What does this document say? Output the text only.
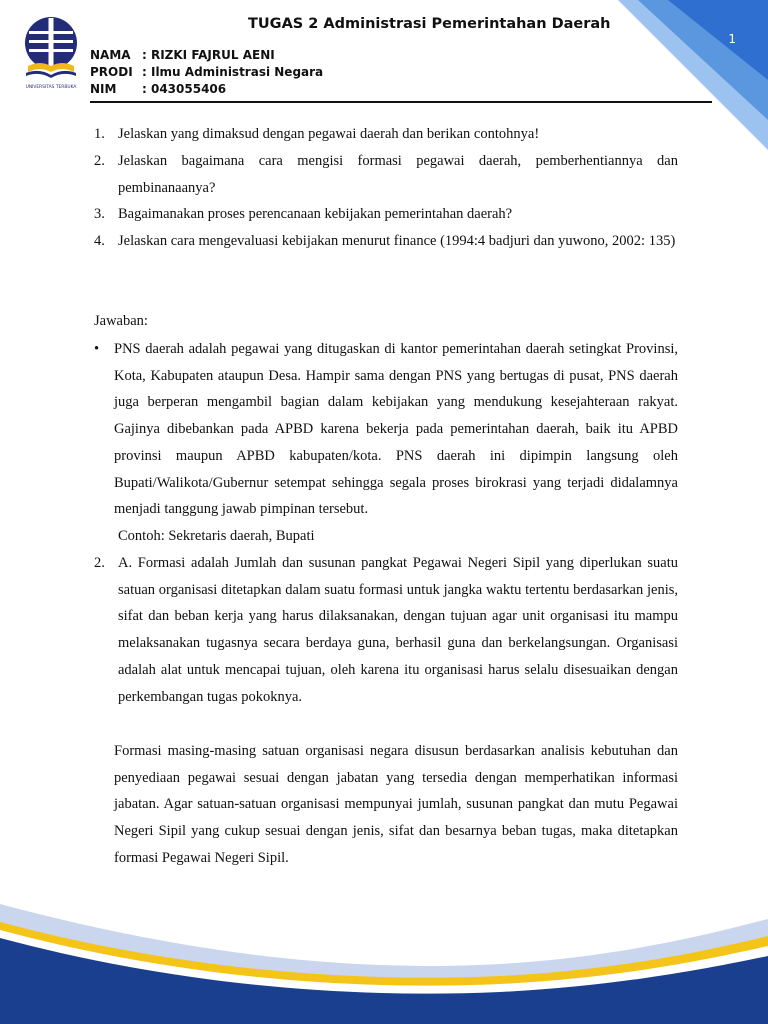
1
UNIVERSITAS TERBUKA
TUGAS 2 Administrasi Pemerintahan Daerah
NAMA : RIZKI FAJRUL AENI
PRODI : Ilmu Administrasi Negara
NIM : 043055406
1. Jelaskan yang dimaksud dengan pegawai daerah dan berikan contohnya!
2. Jelaskan bagaimana cara mengisi formasi pegawai daerah, pemberhentiannya dan pembinanaanya?
3. Bagaimanakan proses perencanaan kebijakan pemerintahan daerah?
4. Jelaskan cara mengevaluasi kebijakan menurut finance (1994:4 badjuri dan yuwono, 2002: 135)
Jawaban:
• PNS daerah adalah pegawai yang ditugaskan di kantor pemerintahan daerah setingkat Provinsi, Kota, Kabupaten ataupun Desa. Hampir sama dengan PNS yang bertugas di pusat, PNS daerah juga berperan mengambil bagian dalam kebijakan yang mendukung kesejahteraan rakyat. Gajinya dibebankan pada APBD karena bekerja pada pemerintahan daerah, baik itu APBD provinsi maupun APBD kabupaten/kota. PNS daerah ini dipimpin langsung oleh Bupati/Walikota/Gubernur setempat sehingga segala proses birokrasi yang terjadi didalamnya menjadi tanggung jawab pimpinan tersebut.
Contoh: Sekretaris daerah, Bupati
2. A. Formasi adalah Jumlah dan susunan pangkat Pegawai Negeri Sipil yang diperlukan suatu satuan organisasi ditetapkan dalam suatu formasi untuk jangka waktu tertentu berdasarkan jenis, sifat dan beban kerja yang harus dilaksanakan, dengan tujuan agar unit organisasi itu mampu melaksanakan tugasnya secara berdaya guna, berhasil guna dan berkelangsungan. Organisasi adalah alat untuk mencapai tujuan, oleh karena itu organisasi harus selalu disesuaikan dengan perkembangan tugas pokoknya.
Formasi masing-masing satuan organisasi negara disusun berdasarkan analisis kebutuhan dan penyediaan pegawai sesuai dengan jabatan yang tersedia dengan memperhatikan informasi jabatan. Agar satuan-satuan organisasi mempunyai jumlah, susunan pangkat dan mutu Pegawai Negeri Sipil yang cukup sesuai dengan jenis, sifat dan besarnya beban tugas, maka ditetapkan formasi Pegawai Negeri Sipil.
